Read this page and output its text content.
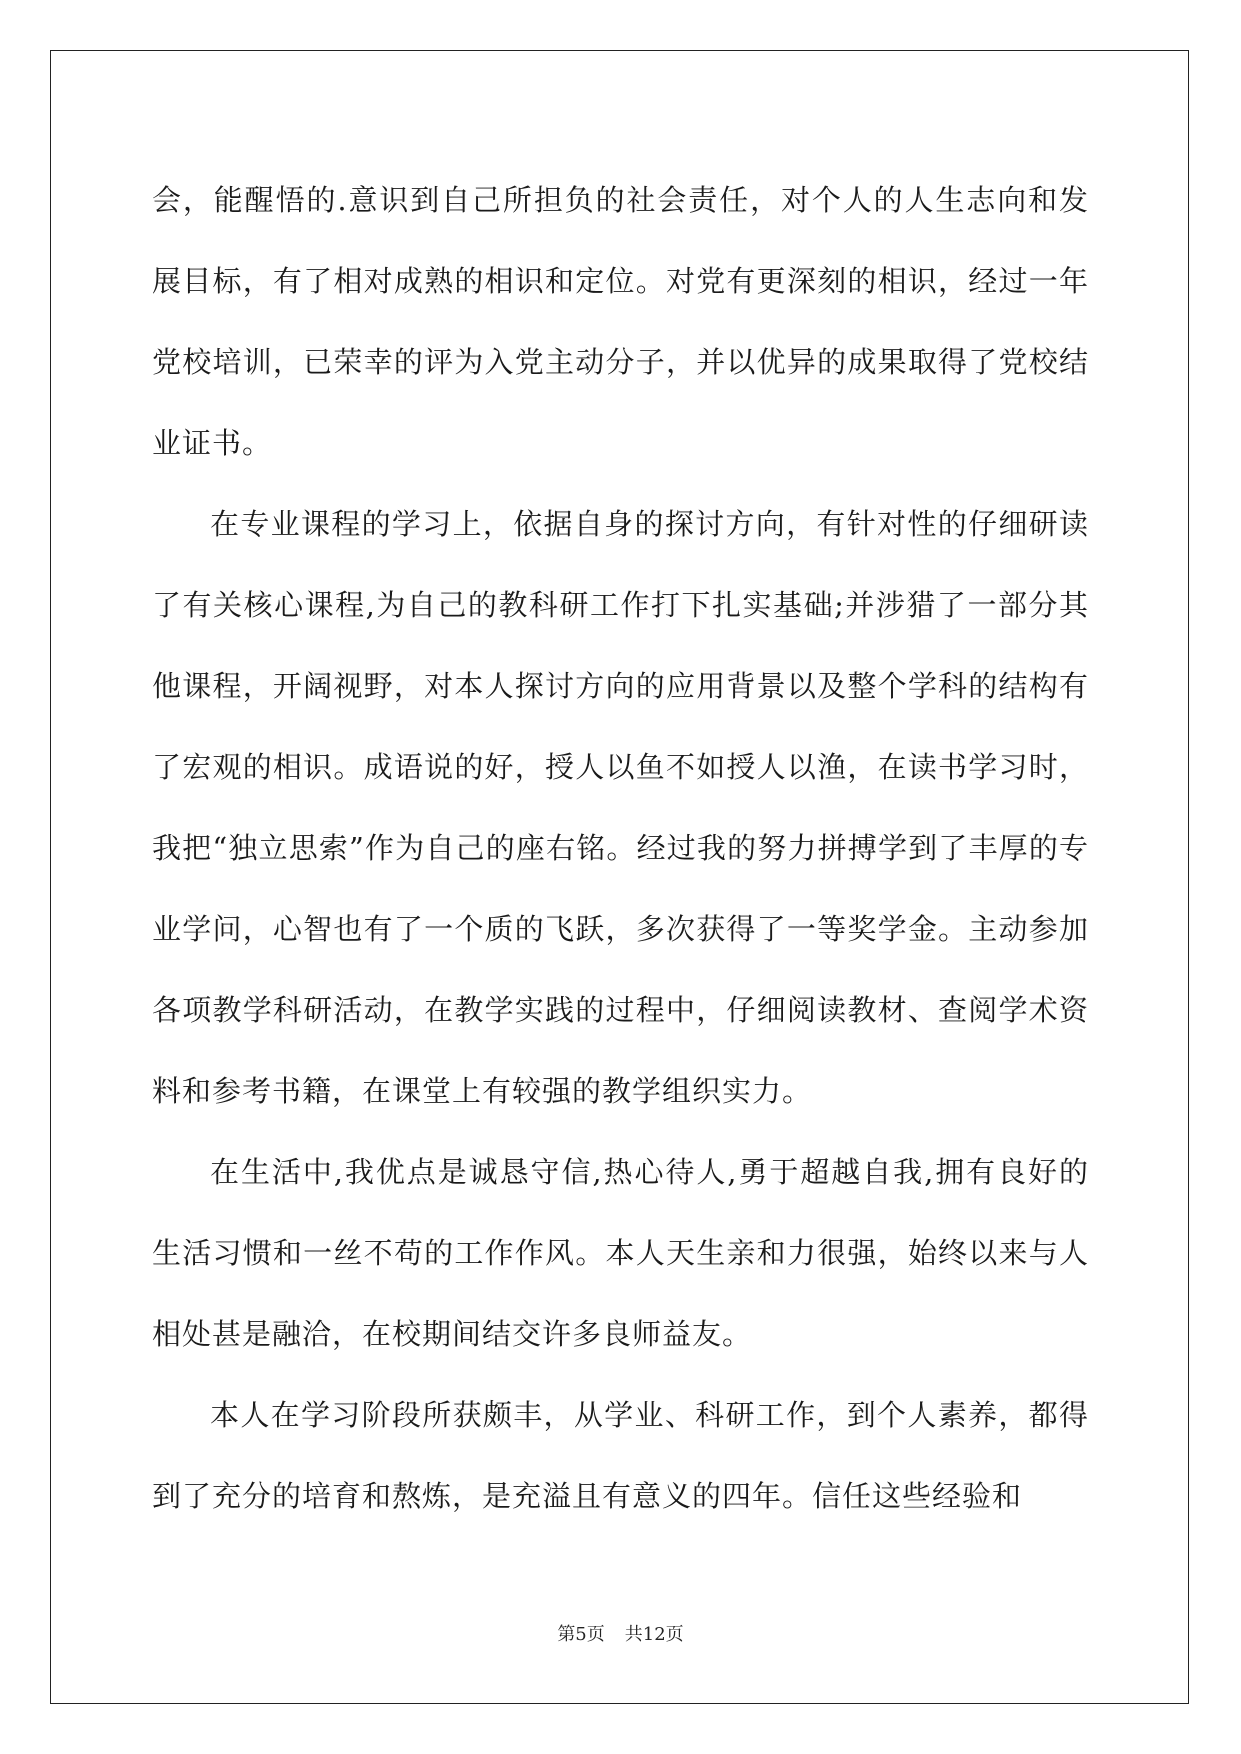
会，能醒悟的.意识到自己所担负的社会责任，对个人的人生志向和发展目标，有了相对成熟的相识和定位。对党有更深刻的相识，经过一年党校培训，已荣幸的评为入党主动分子，并以优异的成果取得了党校结业证书。

在专业课程的学习上，依据自身的探讨方向，有针对性的仔细研读了有关核心课程,为自己的教科研工作打下扎实基础;并涉猎了一部分其他课程，开阔视野，对本人探讨方向的应用背景以及整个学科的结构有了宏观的相识。成语说的好，授人以鱼不如授人以渔，在读书学习时，我把“独立思索”作为自己的座右铭。经过我的努力拼搏学到了丰厚的专业学问，心智也有了一个质的飞跃，多次获得了一等奖学金。主动参加各项教学科研活动，在教学实践的过程中，仔细阅读教材、查阅学术资料和参考书籍，在课堂上有较强的教学组织实力。

在生活中,我优点是诚恳守信,热心待人,勇于超越自我,拥有良好的生活习惯和一丝不苟的工作作风。本人天生亲和力很强，始终以来与人相处甚是融洽，在校期间结交许多良师益友。

本人在学习阶段所获颇丰，从学业、科研工作，到个人素养，都得到了充分的培育和熬炼，是充溢且有意义的四年。信任这些经验和

第5页 共12页
